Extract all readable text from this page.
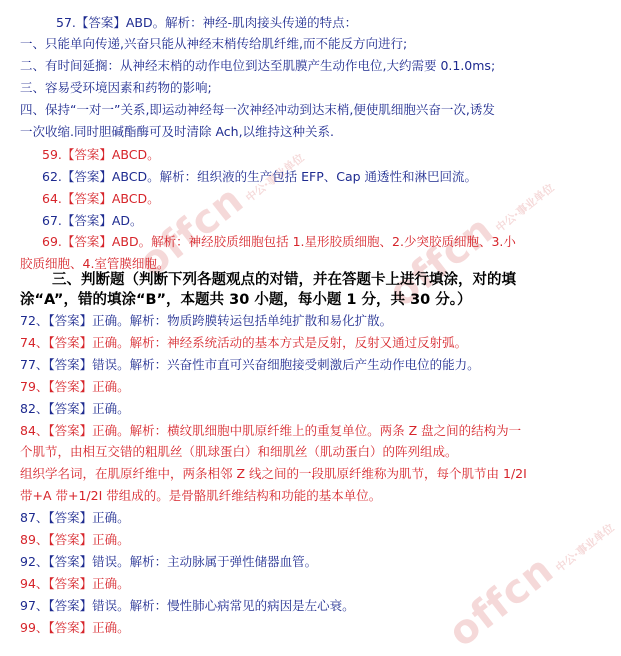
offcn中公·事业单位
offcn中公·事业单位
offcn中公·事业单位
57.【答案】ABD。解析：神经-肌肉接头传递的特点：
一、只能单向传递,兴奋只能从神经末梢传给肌纤维,而不能反方向进行;
二、有时间延搁：从神经末梢的动作电位到达至肌膜产生动作电位,大约需要 0.1.0ms;
三、容易受环境因素和药物的影响;
四、保持“一对一”关系,即运动神经每一次神经冲动到达末梢,便使肌细胞兴奋一次,诱发
一次收缩.同时胆碱酯酶可及时清除 Ach,以维持这种关系.
59.【答案】ABCD。
62.【答案】ABCD。解析：组织液的生产包括 EFP、Cap 通透性和淋巴回流。
64.【答案】ABCD。
67.【答案】AD。
69.【答案】ABD。解析：神经胶质细胞包括 1.星形胶质细胞、2.少突胶质细胞、3.小
胶质细胞、4.室管膜细胞。
72、【答案】正确。解析：物质跨膜转运包括单纯扩散和易化扩散。
74、【答案】正确。解析：神经系统活动的基本方式是反射，反射又通过反射弧。
77、【答案】错误。解析：兴奋性市直可兴奋细胞接受刺激后产生动作电位的能力。
79、【答案】正确。
82、【答案】正确。
84、【答案】正确。解析：横纹肌细胞中肌原纤维上的重复单位。两条 Z 盘之间的结构为一
个肌节，由相互交错的粗肌丝（肌球蛋白）和细肌丝（肌动蛋白）的阵列组成。
组织学名词，在肌原纤维中，两条相邻 Z 线之间的一段肌原纤维称为肌节，每个肌节由 1/2I
带+A 带+1/2I 带组成的。是骨骼肌纤维结构和功能的基本单位。
87、【答案】正确。
89、【答案】正确。
92、【答案】错误。解析：主动脉属于弹性储器血管。
94、【答案】正确。
97、【答案】错误。解析：慢性肺心病常见的病因是左心衰。
99、【答案】正确。
三、判断题（判断下列各题观点的对错，并在答题卡上进行填涂，对的填
涂“A”，错的填涂“B”，本题共 30 小题，每小题 1 分，共 30 分。）
